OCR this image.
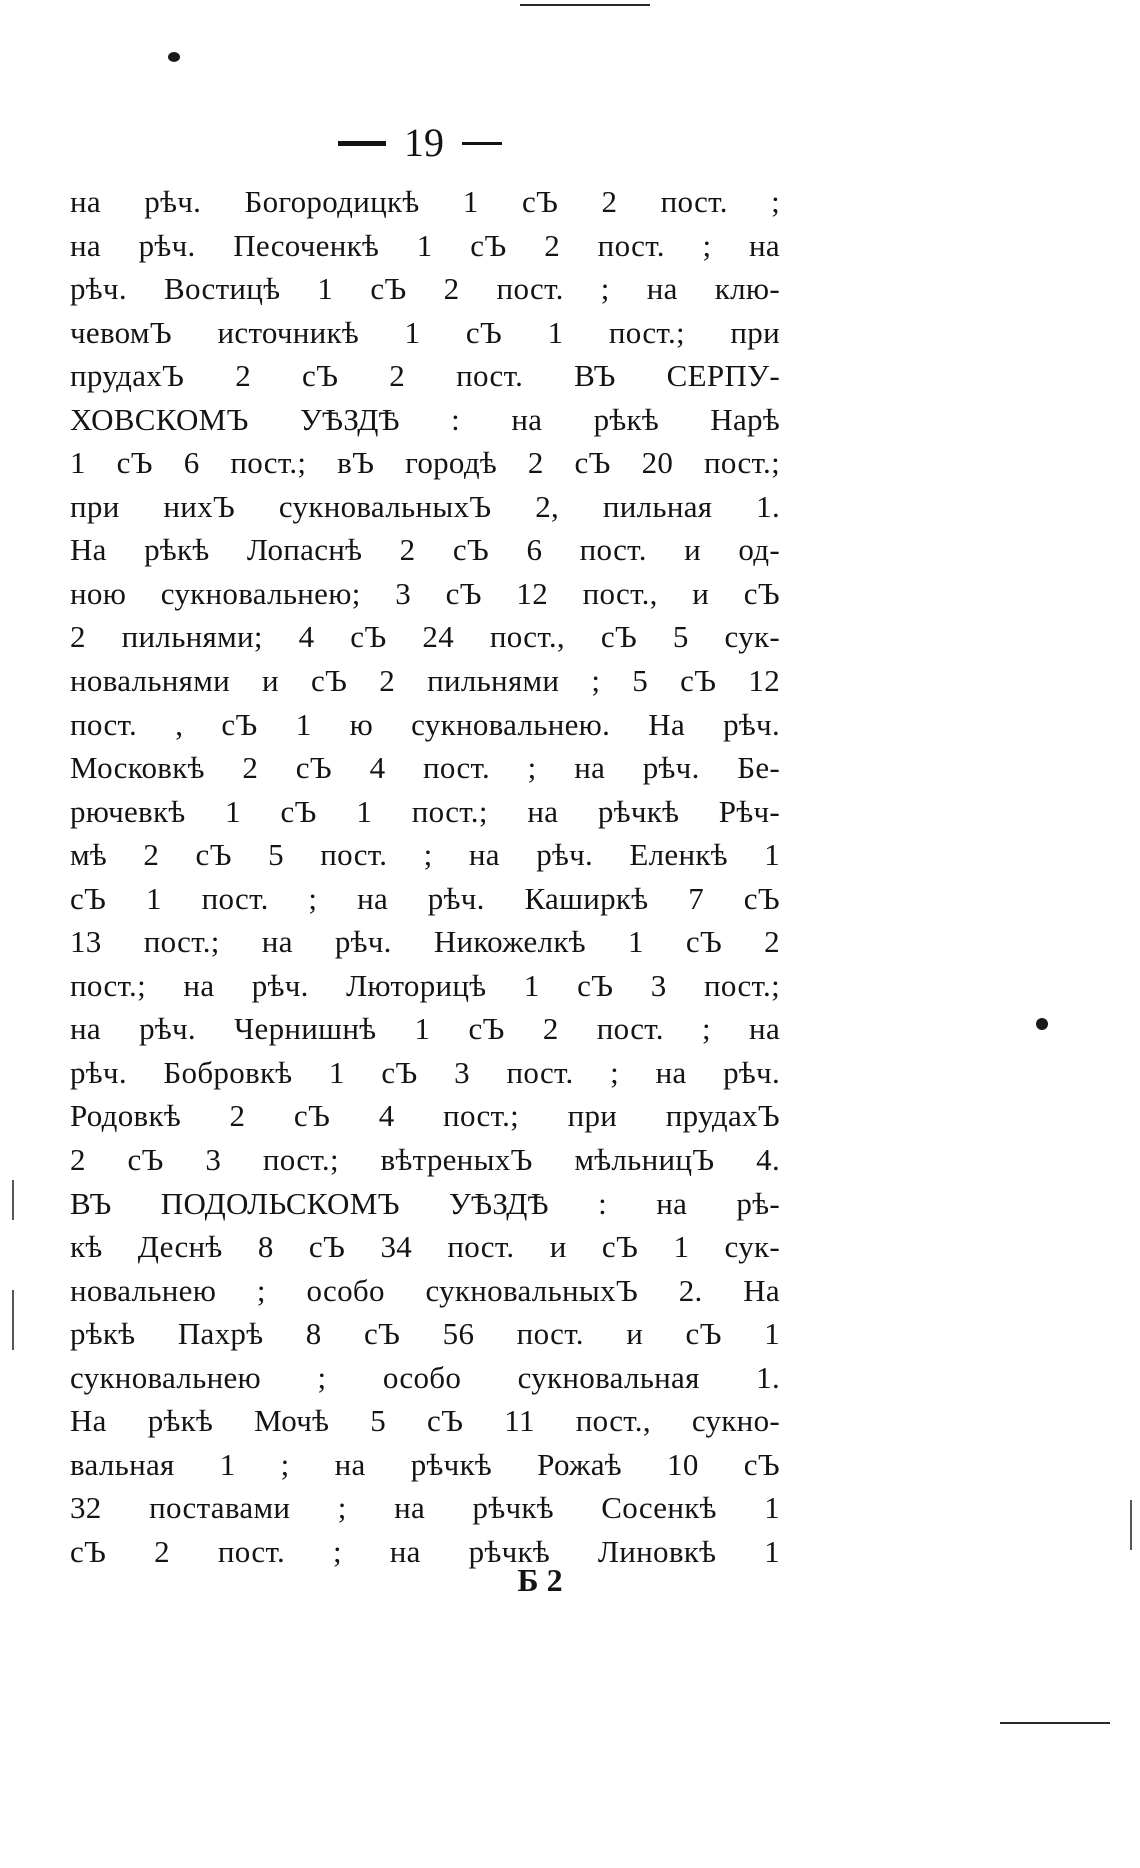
19
на рѣч. Богородицкѣ 1 сЪ 2 пост. ;
на рѣч. Песоченкѣ 1 сЪ 2 пост. ; на
рѣч. Востицѣ 1 сЪ 2 пост. ; на клю-
чевомЪ источникѣ 1 сЪ 1 пост.; при
прудахЪ 2 сЪ 2 пост. ВЪ СЕРПУ-
ХОВСКОМЪ УѢЗДѢ : на рѣкѣ Нарѣ
1 сЪ 6 пост.; вЪ городѣ 2 сЪ 20 пост.;
при нихЪ сукновальныхЪ 2, пильная 1.
На рѣкѣ Лопаснѣ 2 сЪ 6 пост. и од-
ною сукновальнею; 3 сЪ 12 пост., и сЪ
2 пильнями; 4 сЪ 24 пост., сЪ 5 сук-
новальнями и сЪ 2 пильнями ; 5 сЪ 12
пост. , сЪ 1 ю сукновальнею. На рѣч.
Московкѣ 2 сЪ 4 пост. ; на рѣч. Бе-
рючевкѣ 1 сЪ 1 пост.; на рѣчкѣ Рѣч-
мѣ 2 сЪ 5 пост. ; на рѣч. Еленкѣ 1
сЪ 1 пост. ; на рѣч. Каширкѣ 7 сЪ
13 пост.; на рѣч. Никожелкѣ 1 сЪ 2
пост.; на рѣч. Люторицѣ 1 сЪ 3 пост.;
на рѣч. Чернишнѣ 1 сЪ 2 пост. ; на
рѣч. Бобровкѣ 1 сЪ 3 пост. ; на рѣч.
Родовкѣ 2 сЪ 4 пост.; при прудахЪ
2 сЪ 3 пост.; вѣтреныхЪ мѣльницЪ 4.
ВЪ ПОДОЛЬСКОМЪ УѢЗДѢ : на рѣ-
кѣ Деснѣ 8 сЪ 34 пост. и сЪ 1 сук-
новальнею ; особо сукновальныхЪ 2. На
рѣкѣ Пахрѣ 8 сЪ 56 пост. и сЪ 1
сукновальнею ; особо сукновальная 1.
На рѣкѣ Мочѣ 5 сЪ 11 пост., сукно-
вальная 1 ; на рѣчкѣ Рожаѣ 10 сЪ
32 поставами ; на рѣчкѣ Сосенкѣ 1
сЪ 2 пост. ; на рѣчкѣ Линовкѣ 1
Б 2
